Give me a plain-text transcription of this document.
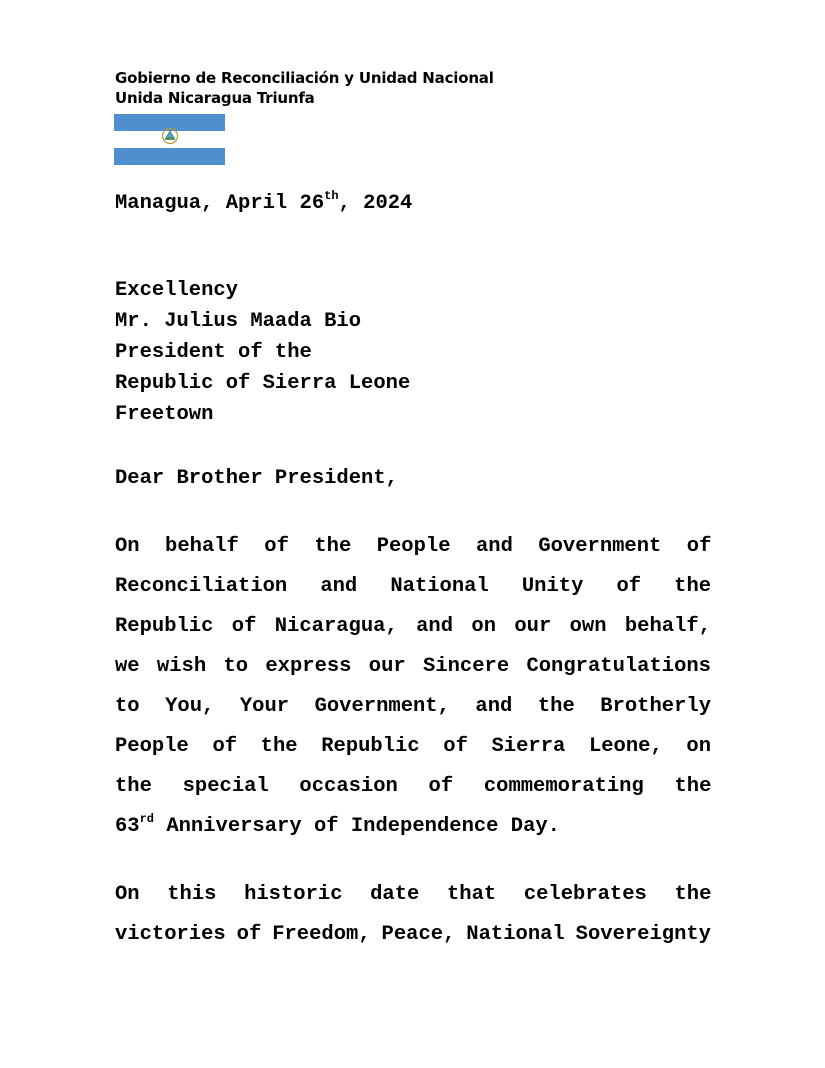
Gobierno de Reconciliación y Unidad Nacional
Unida Nicaragua Triunfa
Managua, April 26th, 2024
Excellency
Mr. Julius Maada Bio
President of the
Republic of Sierra Leone
Freetown
Dear Brother President,
On behalf of the People and Government of
Reconciliation and National Unity of the
Republic of Nicaragua, and on our own behalf,
we wish to express our Sincere Congratulations
to You, Your Government, and the Brotherly
People of the Republic of Sierra Leone, on
the special occasion of commemorating the
63rd Anniversary of Independence Day.
On this historic date that celebrates the
victories of Freedom, Peace, National Sovereignty
